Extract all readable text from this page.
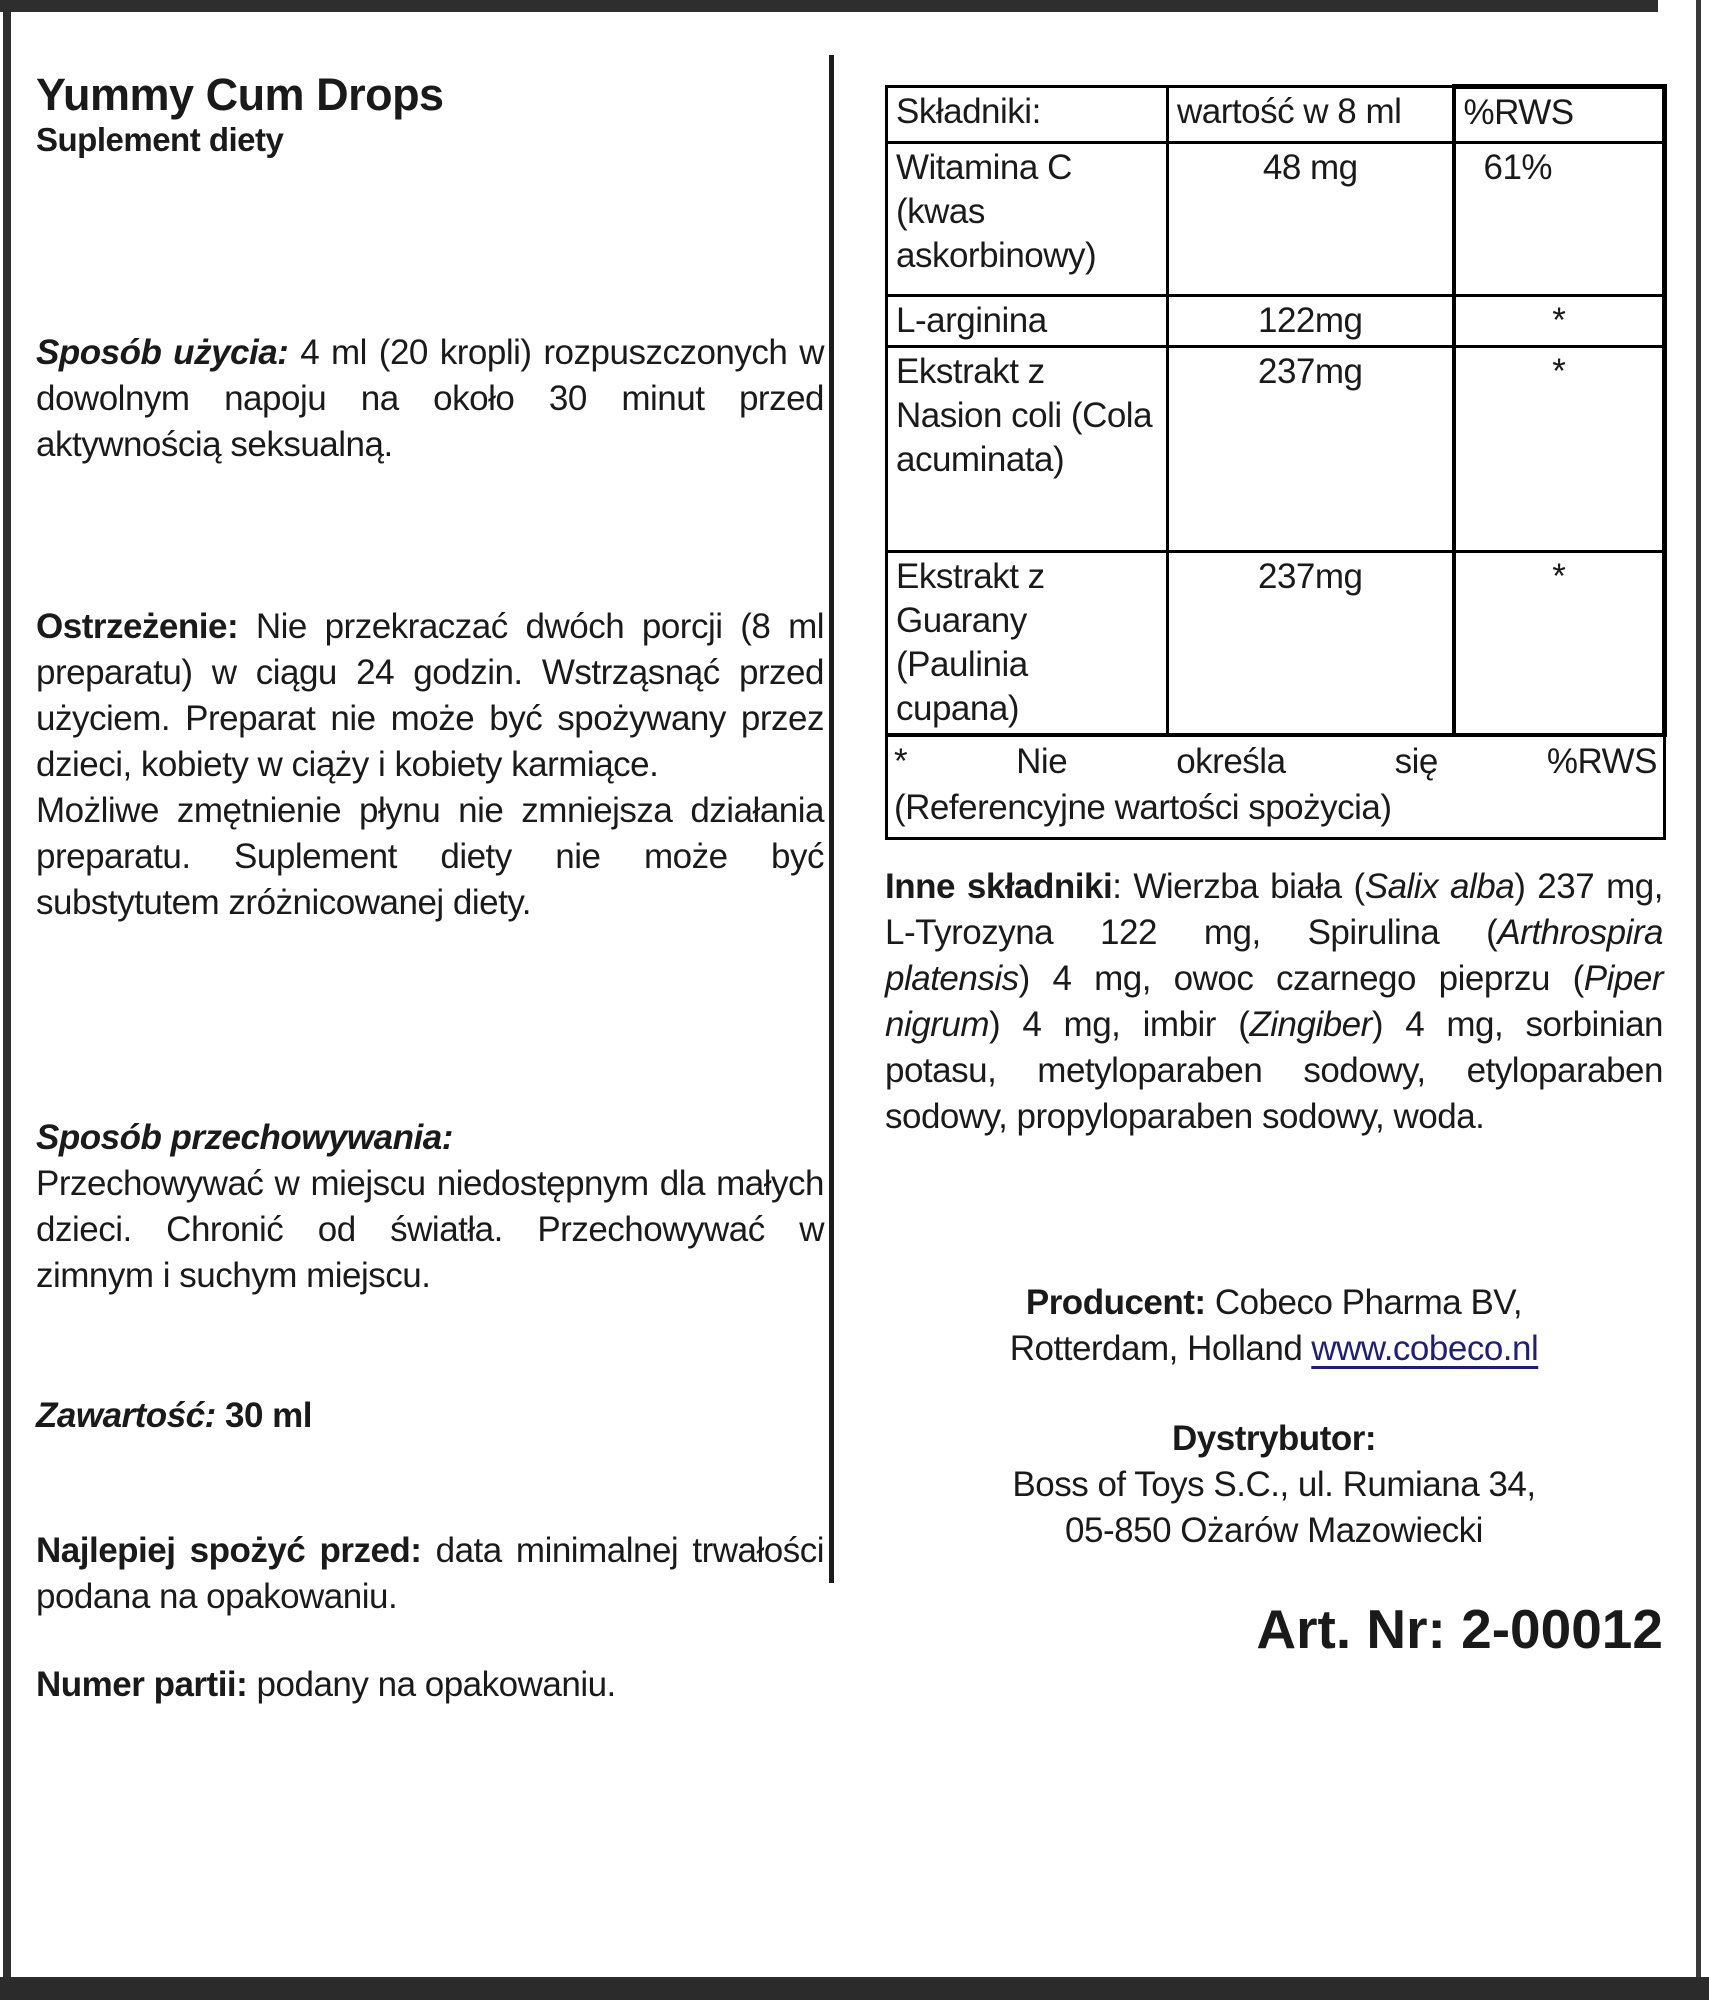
Yummy Cum Drops
Suplement diety
Sposób użycia: 4 ml (20 kropli) rozpuszczonych w dowolnym napoju na około 30 minut przed aktywnością seksualną.
Ostrzeżenie: Nie przekraczać dwóch porcji (8 ml preparatu) w ciągu 24 godzin. Wstrząsnąć przed użyciem. Preparat nie może być spożywany przez dzieci, kobiety w ciąży i kobiety karmiące.
Możliwe zmętnienie płynu nie zmniejsza działania preparatu. Suplement diety nie może być substytutem zróżnicowanej diety.
Sposób przechowywania:
Przechowywać w miejscu niedostępnym dla małych dzieci. Chronić od światła. Przechowywać w zimnym i suchym miejscu.
Zawartość: 30 ml
Najlepiej spożyć przed: data minimalnej trwałości podana na opakowaniu.
Numer partii: podany na opakowaniu.
Składniki:	wartość w 8 ml	%RWS
Witamina C (kwas askorbinowy)	48 mg	61%
L-arginina	122mg	*
Ekstrakt z Nasion coli (Cola acuminata)	237mg	*
Ekstrakt z Guarany (Paulinia cupana)	237mg	*

* Nie określa się %RWS
(Referencyjne wartości spożycia)		
Inne składniki: Wierzba biała (Salix alba) 237 mg, L-Tyrozyna 122 mg, Spirulina (Arthrospira platensis) 4 mg, owoc czarnego pieprzu (Piper nigrum) 4 mg, imbir (Zingiber) 4 mg, sorbinian potasu, metyloparaben sodowy, etyloparaben sodowy, propyloparaben sodowy, woda.
Producent: Cobeco Pharma BV,
Rotterdam, Holland www.cobeco.nl
Dystrybutor:
Boss of Toys S.C., ul. Rumiana 34,
05-850 Ożarów Mazowiecki
Art. Nr: 2-00012
